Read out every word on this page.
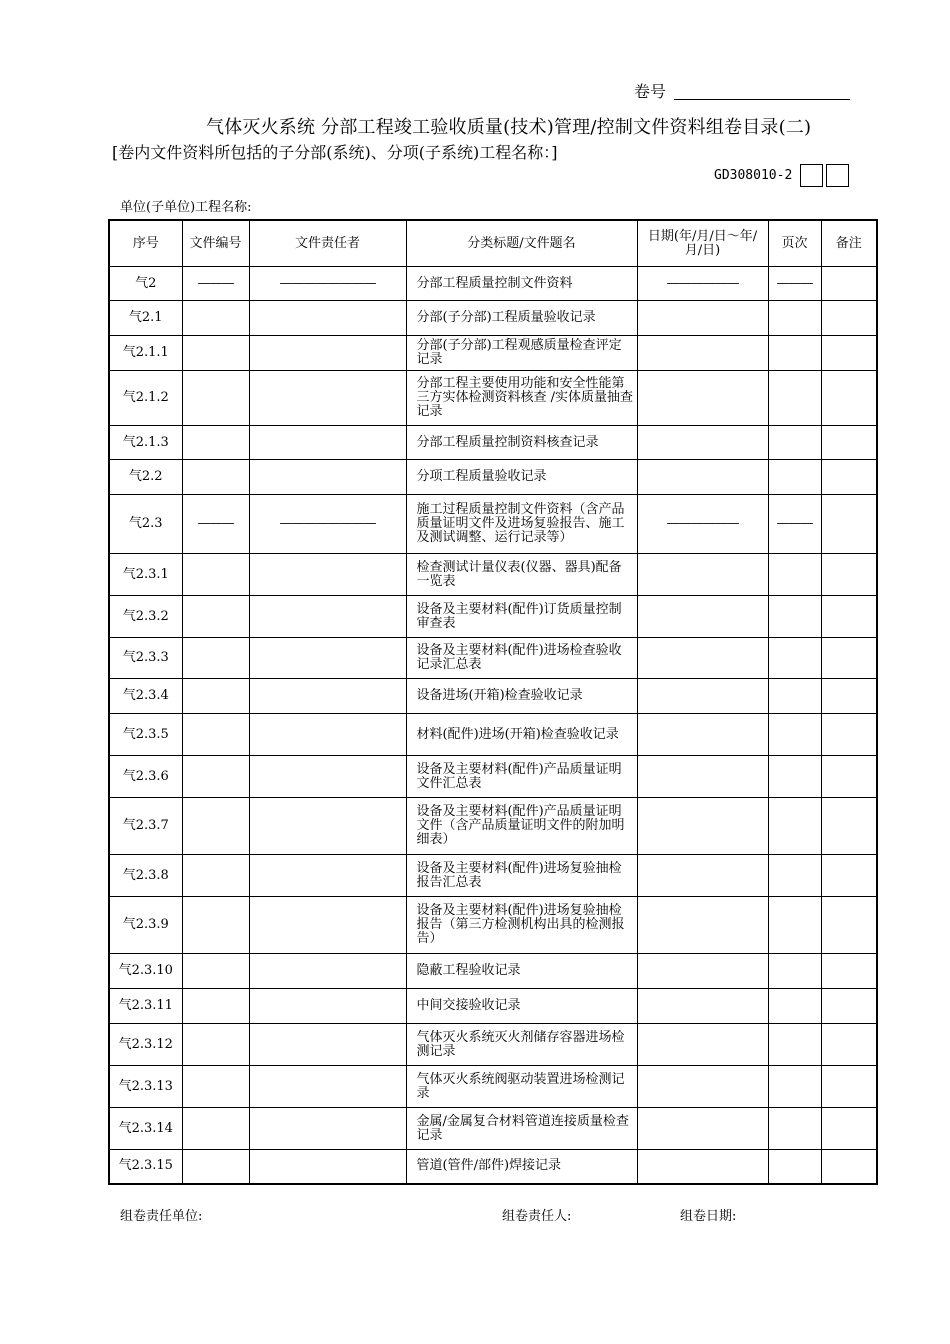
卷号
气体灭火系统 分部工程竣工验收质量(技术)管理/控制文件资料组卷目录(二)
[卷内文件资料所包括的子分部(系统)、分项(子系统)工程名称：]
GD308010-2
单位(子单位)工程名称:
序号	文件编号	文件责任者	分类标题/文件题名	日期(年/月/日～年/月/日)	页次	备注
气2	———	————————	分部工程质量控制文件资料	——————	———	
气2.1			分部(子分部)工程质量验收记录			
气2.1.1			分部(子分部)工程观感质量检查评定记录			
气2.1.2			分部工程主要使用功能和安全性能第三方实体检测资料核查 /实体质量抽查记录			
气2.1.3			分部工程质量控制资料核查记录			
气2.2			分项工程质量验收记录			
气2.3	———	————————	施工过程质量控制文件资料（含产品质量证明文件及进场复验报告、施工及测试调整、运行记录等）	——————	———	
气2.3.1			检查测试计量仪表(仪器、器具)配备一览表			
气2.3.2			设备及主要材料(配件)订货质量控制审查表			
气2.3.3			设备及主要材料(配件)进场检查验收记录汇总表			
气2.3.4			设备进场(开箱)检查验收记录			
气2.3.5			材料(配件)进场(开箱)检查验收记录			
气2.3.6			设备及主要材料(配件)产品质量证明文件汇总表			
气2.3.7			设备及主要材料(配件)产品质量证明文件（含产品质量证明文件的附加明细表）			
气2.3.8			设备及主要材料(配件)进场复验抽检报告汇总表			
气2.3.9			设备及主要材料(配件)进场复验抽检报告（第三方检测机构出具的检测报告）			
气2.3.10			隐蔽工程验收记录			
气2.3.11			中间交接验收记录			
气2.3.12			气体灭火系统灭火剂储存容器进场检测记录			
气2.3.13			气体灭火系统阀驱动装置进场检测记录			
气2.3.14			金属/金属复合材料管道连接质量检查记录			
气2.3.15			管道(管件/部件)焊接记录			
组卷责任单位:	组卷责任人:	组卷日期:
